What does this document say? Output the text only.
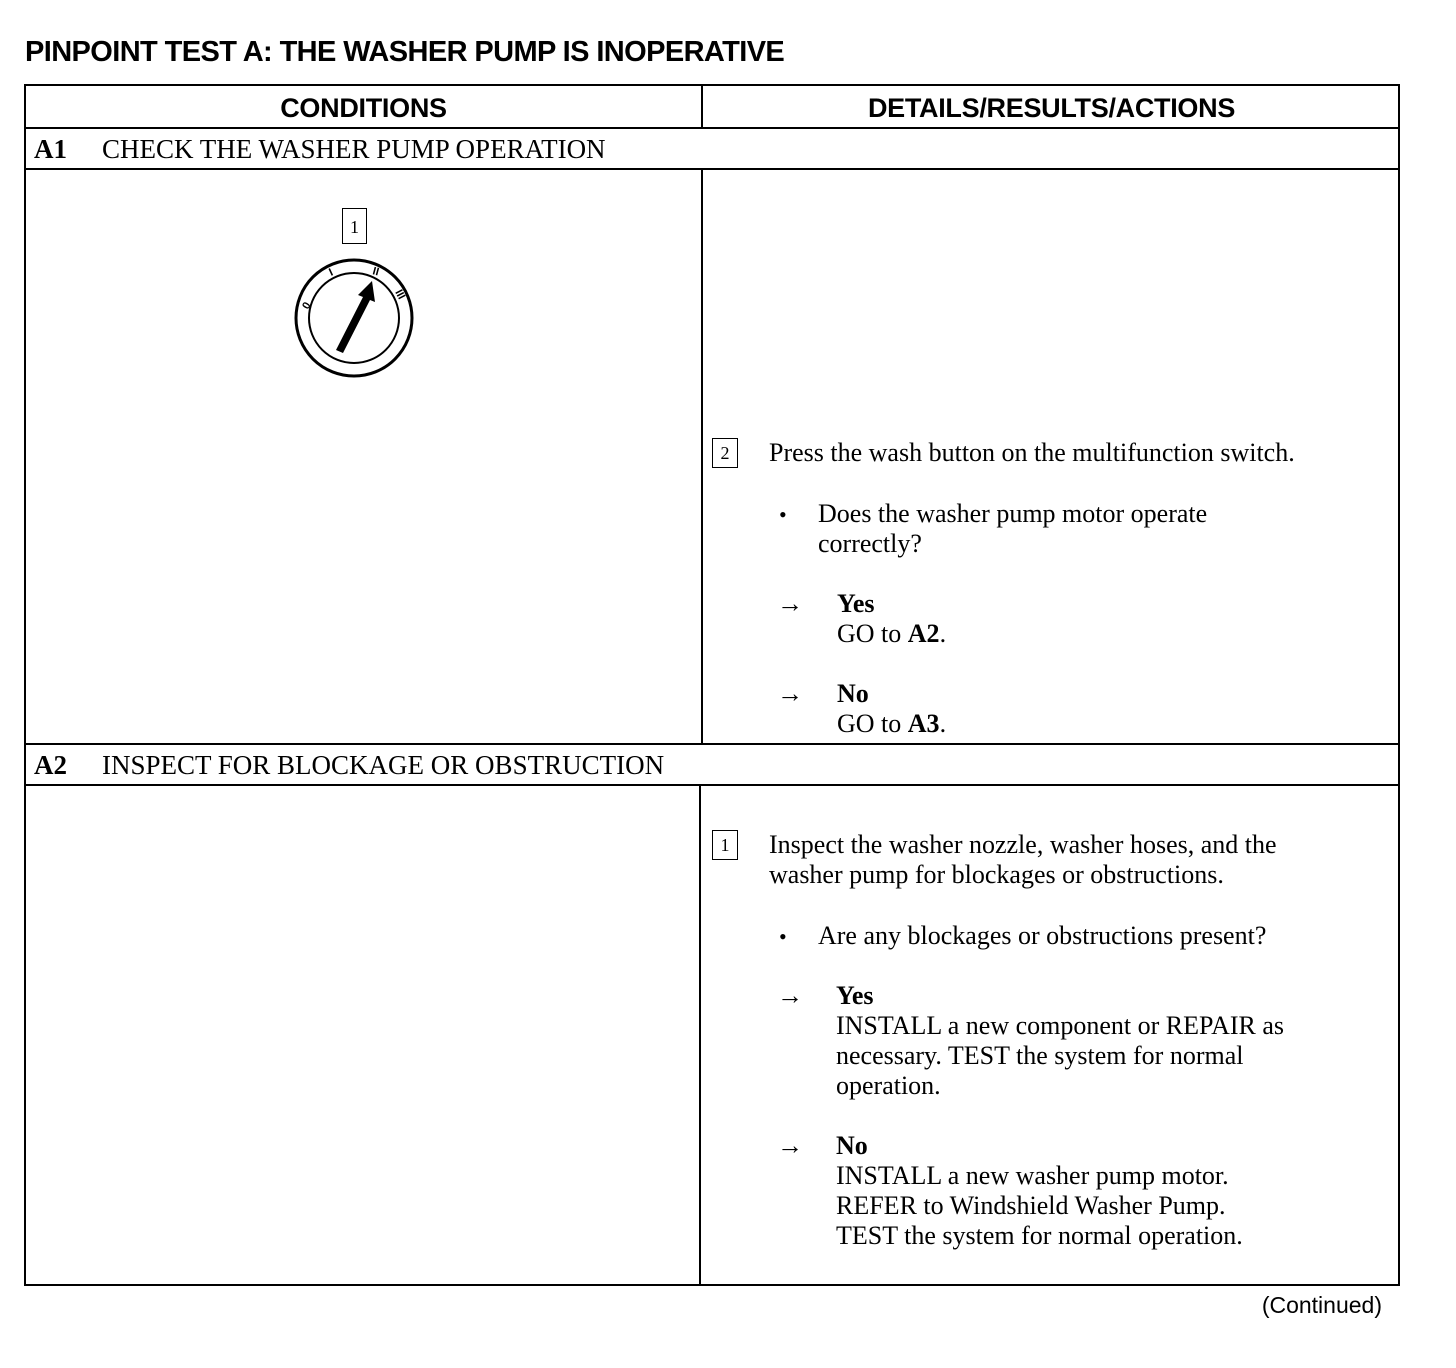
PINPOINT TEST A: THE WASHER PUMP IS INOPERATIVE
CONDITIONS	DETAILS/RESULTS/ACTIONS
A1 CHECK THE WASHER PUMP OPERATION
1
0
I	II
III
2	Press the wash button on the multifunction switch.
• Does the washer pump motor operate
correctly?
→ Yes
GO to A2.
→ No
GO to A3.
A2 INSPECT FOR BLOCKAGE OR OBSTRUCTION
1	Inspect the washer nozzle, washer hoses, and the
washer pump for blockages or obstructions.
• Are any blockages or obstructions present?
→ Yes
INSTALL a new component or REPAIR as
necessary. TEST the system for normal
operation.
→ No
INSTALL a new washer pump motor.
REFER to Windshield Washer Pump.
TEST the system for normal operation.
(Continued)
